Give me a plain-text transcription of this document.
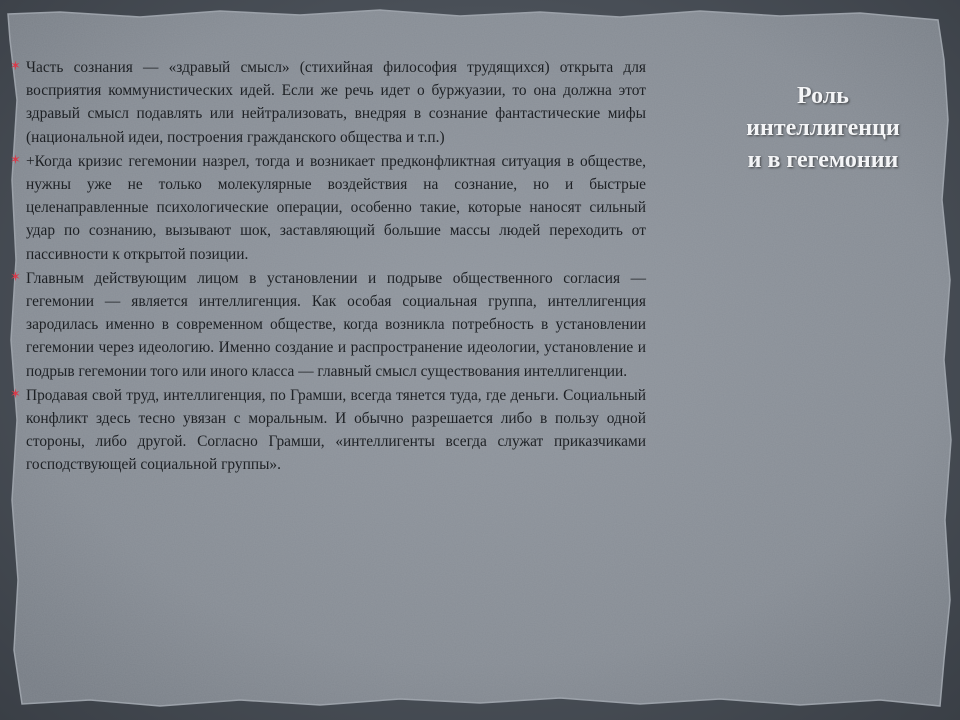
✶ Часть сознания — «здравый смысл» (стихийная философия трудящихся) открыта для восприятия коммунистических идей. Если же речь идет о буржуазии, то она должна этот здравый смысл подавлять или нейтрализовать, внедряя в сознание фантастические мифы (национальной идеи, построения гражданского общества и т.п.)
✶ +Когда кризис гегемонии назрел, тогда и возникает предконфликтная ситуация в обществе, нужны уже не только молекулярные воздействия на сознание, но и быстрые целенаправленные психологические операции, особенно такие, которые наносят сильный удар по сознанию, вызывают шок, заставляющий большие массы людей переходить от пассивности к открытой позиции.
✶ Главным действующим лицом в установлении и подрыве общественного согласия — гегемонии — является интеллигенция. Как особая социальная группа, интеллигенция зародилась именно в современном обществе, когда возникла потребность в установлении гегемонии через идеологию. Именно создание и распространение идеологии, установление и подрыв гегемонии того или иного класса — главный смысл существования интеллигенции.
✶ Продавая свой труд, интеллигенция, по Грамши, всегда тянется туда, где деньги. Социальный конфликт здесь тесно увязан с моральным. И обычно разрешается либо в пользу одной стороны, либо другой. Согласно Грамши, «интеллигенты всегда служат приказчиками господствующей социальной группы».
Роль
интеллигенци
и в гегемонии
